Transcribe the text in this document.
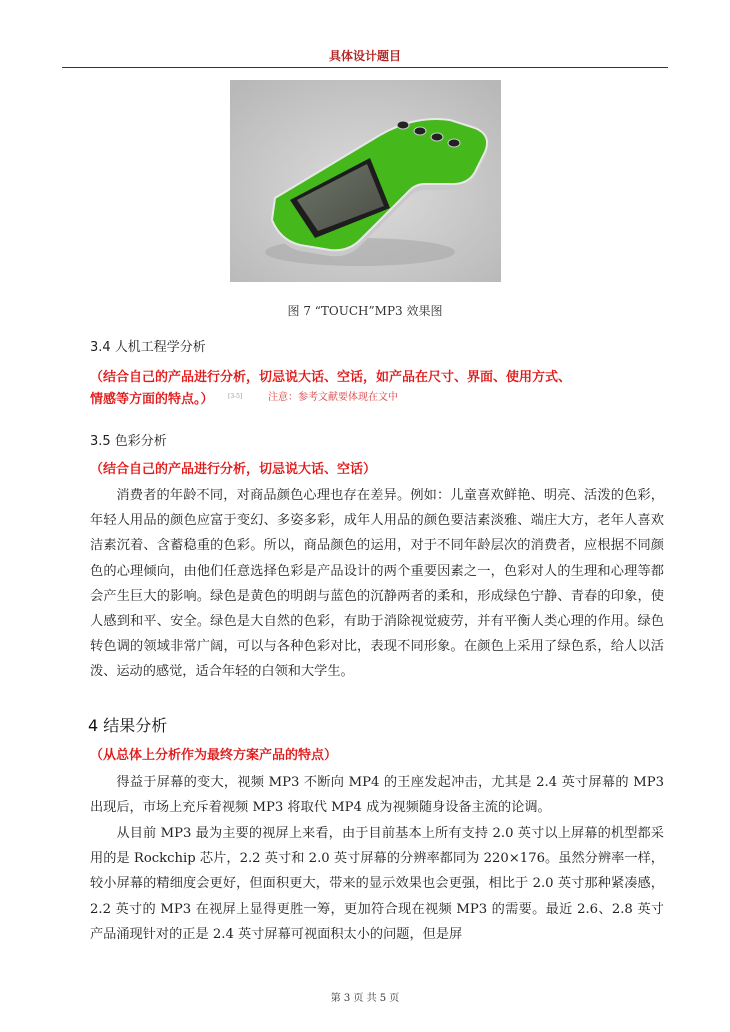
具体设计题目
图 7 “TOUCH”MP3 效果图
3.4 人机工程学分析
（结合自己的产品进行分析，切忌说大话、空话，如产品在尺寸、界面、使用方式、
情感等方面的特点。）	[3-5]	注意：参考文献要体现在文中
3.5 色彩分析
（结合自己的产品进行分析，切忌说大话、空话）

消费者的年龄不同，对商品颜色心理也存在差异。例如：儿童喜欢鲜艳、明亮、活泼的色彩，年轻人用品的颜色应富于变幻、多姿多彩，成年人用品的颜色要洁素淡雅、端庄大方，老年人喜欢洁素沉着、含蓄稳重的色彩。所以，商品颜色的运用，对于不同年龄层次的消费者，应根据不同颜色的心理倾向，由他们任意选择色彩是产品设计的两个重要因素之一，色彩对人的生理和心理等都会产生巨大的影响。绿色是黄色的明朗与蓝色的沉静两者的柔和，形成绿色宁静、青春的印象，使人感到和平、安全。绿色是大自然的色彩，有助于消除视觉疲劳，并有平衡人类心理的作用。绿色转色调的领域非常广阔，可以与各种色彩对比，表现不同形象。在颜色上采用了绿色系，给人以活泼、运动的感觉，适合年轻的白领和大学生。

4 结果分析
（从总体上分析作为最终方案产品的特点）

得益于屏幕的变大，视频 MP3 不断向 MP4 的王座发起冲击，尤其是 2.4 英寸屏幕的 MP3 出现后，市场上充斥着视频 MP3 将取代 MP4 成为视频随身设备主流的论调。

从目前 MP3 最为主要的视屏上来看，由于目前基本上所有支持 2.0 英寸以上屏幕的机型都采用的是 Rockchip 芯片，2.2 英寸和 2.0 英寸屏幕的分辨率都同为 220×176。虽然分辨率一样，较小屏幕的精细度会更好，但面积更大，带来的显示效果也会更强，相比于 2.0 英寸那种紧凑感，2.2 英寸的 MP3 在视屏上显得更胜一筹，更加符合现在视频 MP3 的需要。最近 2.6、2.8 英寸产品涌现针对的正是 2.4 英寸屏幕可视面积太小的问题，但是屏

第 3 页 共 5 页
